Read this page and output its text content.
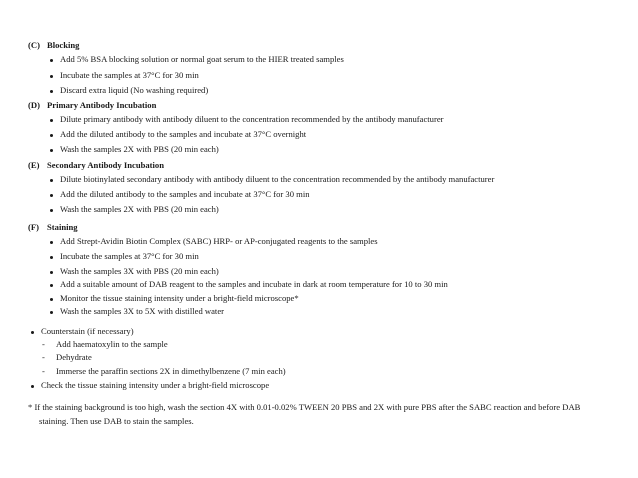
(C) Blocking
Add 5% BSA blocking solution or normal goat serum to the HIER treated samples
Incubate the samples at 37°C for 30 min
Discard extra liquid (No washing required)
(D) Primary Antibody Incubation
Dilute primary antibody with antibody diluent to the concentration recommended by the antibody manufacturer
Add the diluted antibody to the samples and incubate at 37°C overnight
Wash the samples 2X with PBS (20 min each)
(E) Secondary Antibody Incubation
Dilute biotinylated secondary antibody with antibody diluent to the concentration recommended by the antibody manufacturer
Add the diluted antibody to the samples and incubate at 37°C for 30 min
Wash the samples 2X with PBS (20 min each)
(F) Staining
Add Strept-Avidin Biotin Complex (SABC) HRP- or AP-conjugated reagents to the samples
Incubate the samples at 37°C for 30 min
Wash the samples 3X with PBS (20 min each)
Add a suitable amount of DAB reagent to the samples and incubate in dark at room temperature for 10 to 30 min
Monitor the tissue staining intensity under a bright-field microscope*
Wash the samples 3X to 5X with distilled water
Counterstain (if necessary)
- Add haematoxylin to the sample
- Dehydrate
- Immerse the paraffin sections 2X in dimethylbenzene (7 min each)
Check the tissue staining intensity under a bright-field microscope
* If the staining background is too high, wash the section 4X with 0.01-0.02% TWEEN 20 PBS and 2X with pure PBS after the SABC reaction and before DAB
staining. Then use DAB to stain the samples.
